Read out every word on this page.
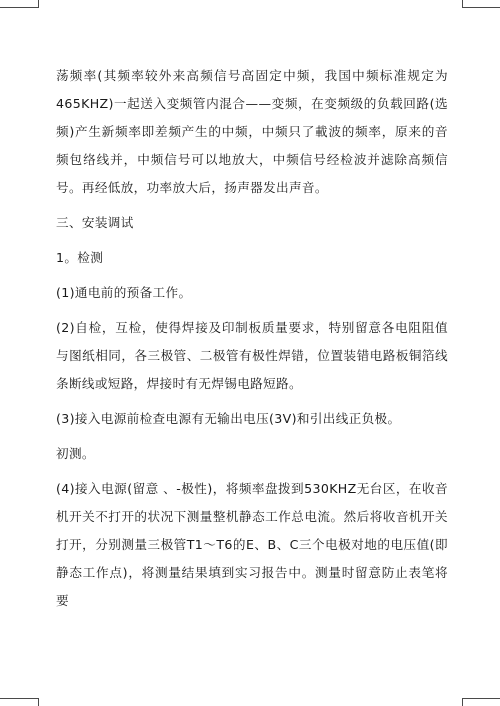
荡频率(其频率较外来高频信号高固定中频，我国中频标准规定为465KHZ)一起送入变频管内混合——变频，在变频级的负载回路(选频)产生新频率即差频产生的中频，中频只了載波的频率，原来的音频包络线并，中频信号可以地放大，中频信号经检波并滤除高频信号。再经低放，功率放大后，扬声器发出声音。

三、安装调试

1。检测

(1)通电前的预备工作。

(2)自检，互检，使得焊接及印制板质量要求，特别留意各电阻阻值与图纸相同，各三极管、二极管有极性焊错，位置装错电路板铜箔线条断线或短路，焊接时有无焊锡电路短路。

(3)接入电源前检查电源有无输出电压(3V)和引出线正负极。

初测。

(4)接入电源(留意 、-极性)，将频率盘拨到530KHZ无台区，在收音机开关不打开的状况下测量整机静态工作总电流。然后将收音机开关打开，分别测量三极管T1～T6的E、B、C三个电极对地的电压值(即静态工作点)，将测量结果填到实习报告中。测量时留意防止表笔将要
